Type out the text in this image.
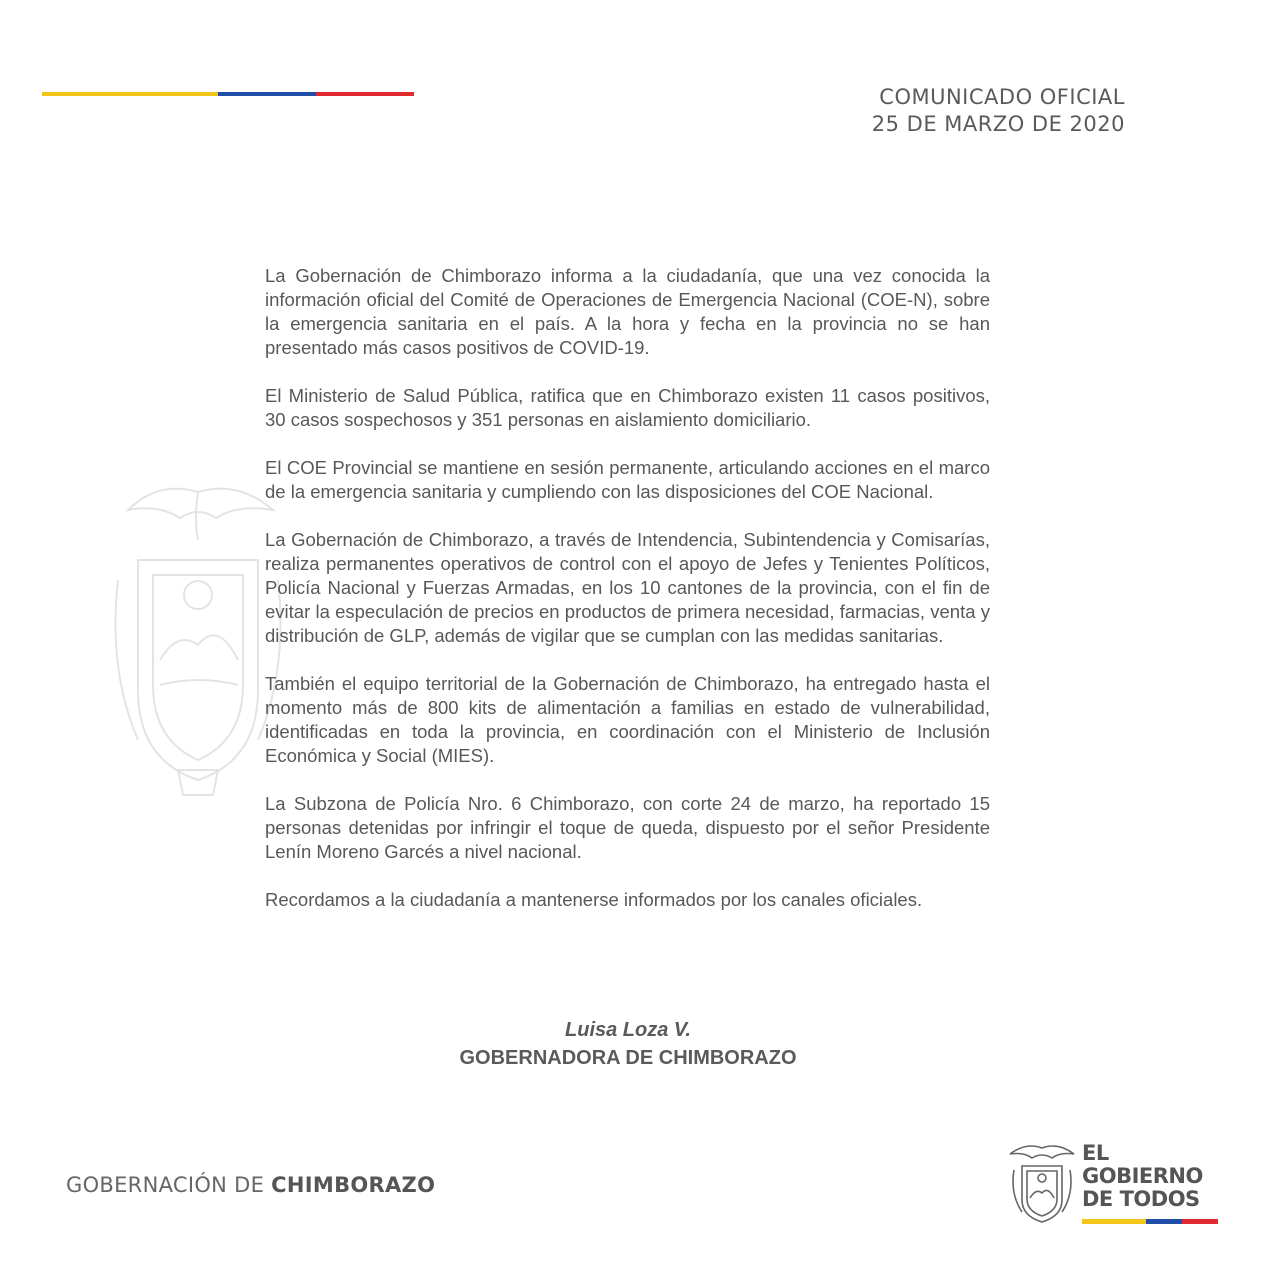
COMUNICADO OFICIAL
25 DE MARZO DE 2020

La Gobernación de Chimborazo informa a la ciudadanía, que una vez conocida la información oficial del Comité de Operaciones de Emergencia Nacional (COE-N), sobre la emergencia sanitaria en el país. A la hora y fecha en la provincia no se han presentado más casos positivos de COVID-19.

El Ministerio de Salud Pública, ratifica que en Chimborazo existen 11 casos positivos, 30 casos sospechosos y 351 personas en aislamiento domiciliario.

El COE Provincial se mantiene en sesión permanente, articulando acciones en el marco de la emergencia sanitaria y cumpliendo con las disposiciones del COE Nacional.

La Gobernación de Chimborazo, a través de Intendencia, Subintendencia y Comisarías, realiza permanentes operativos de control con el apoyo de Jefes y Tenientes Políticos, Policía Nacional y Fuerzas Armadas, en los 10 cantones de la provincia, con el fin de evitar la especulación de precios en productos de primera necesidad, farmacias, venta y distribución de GLP, además de vigilar que se cumplan con las medidas sanitarias.

También el equipo territorial de la Gobernación de Chimborazo, ha entregado hasta el momento más de 800 kits de alimentación a familias en estado de vulnerabilidad, identificadas en toda la provincia, en coordinación con el Ministerio de Inclusión Económica y Social (MIES).

La Subzona de Policía Nro. 6 Chimborazo, con corte 24 de marzo, ha reportado 15 personas detenidas por infringir el toque de queda, dispuesto por el señor Presidente Lenín Moreno Garcés a nivel nacional.

Recordamos a la ciudadanía a mantenerse informados por los canales oficiales.

Luisa Loza V.
GOBERNADORA DE CHIMBORAZO
GOBERNACIÓN DE CHIMBORAZO
EL
GOBIERNO
DE TODOS
